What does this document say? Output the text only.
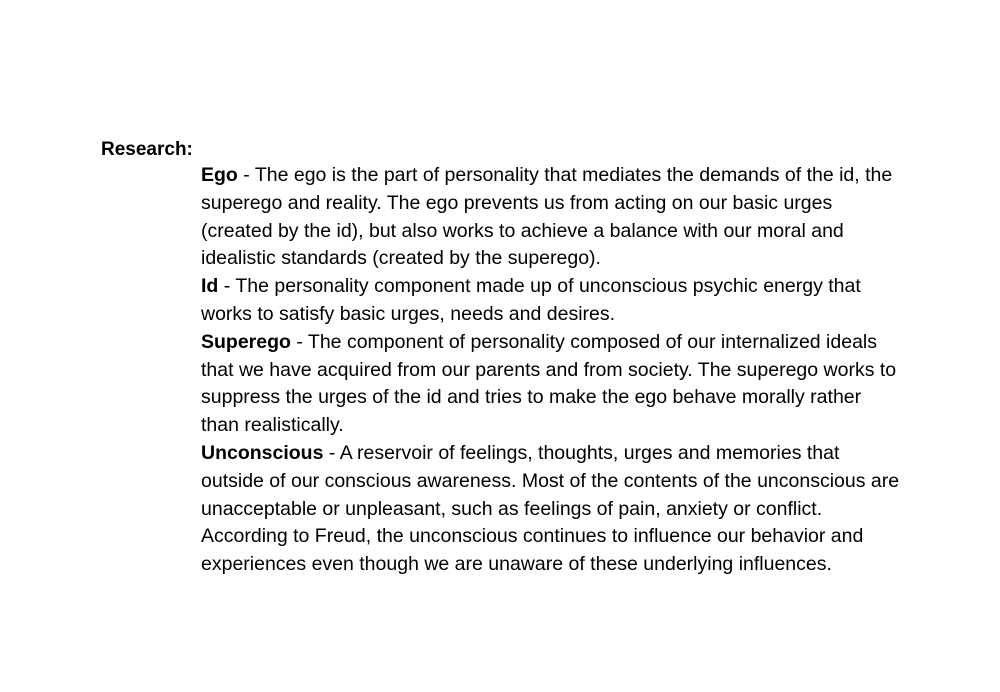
Research:
Ego - The ego is the part of personality that mediates the demands of the id, the superego and reality. The ego prevents us from acting on our basic urges (created by the id), but also works to achieve a balance with our moral and idealistic standards (created by the superego).
Id - The personality component made up of unconscious psychic energy that works to satisfy basic urges, needs and desires.
Superego - The component of personality composed of our internalized ideals that we have acquired from our parents and from society. The superego works to suppress the urges of the id and tries to make the ego behave morally rather than realistically.
Unconscious - A reservoir of feelings, thoughts, urges and memories that outside of our conscious awareness. Most of the contents of the unconscious are unacceptable or unpleasant, such as feelings of pain, anxiety or conflict. According to Freud, the unconscious continues to influence our behavior and experiences even though we are unaware of these underlying influences.
